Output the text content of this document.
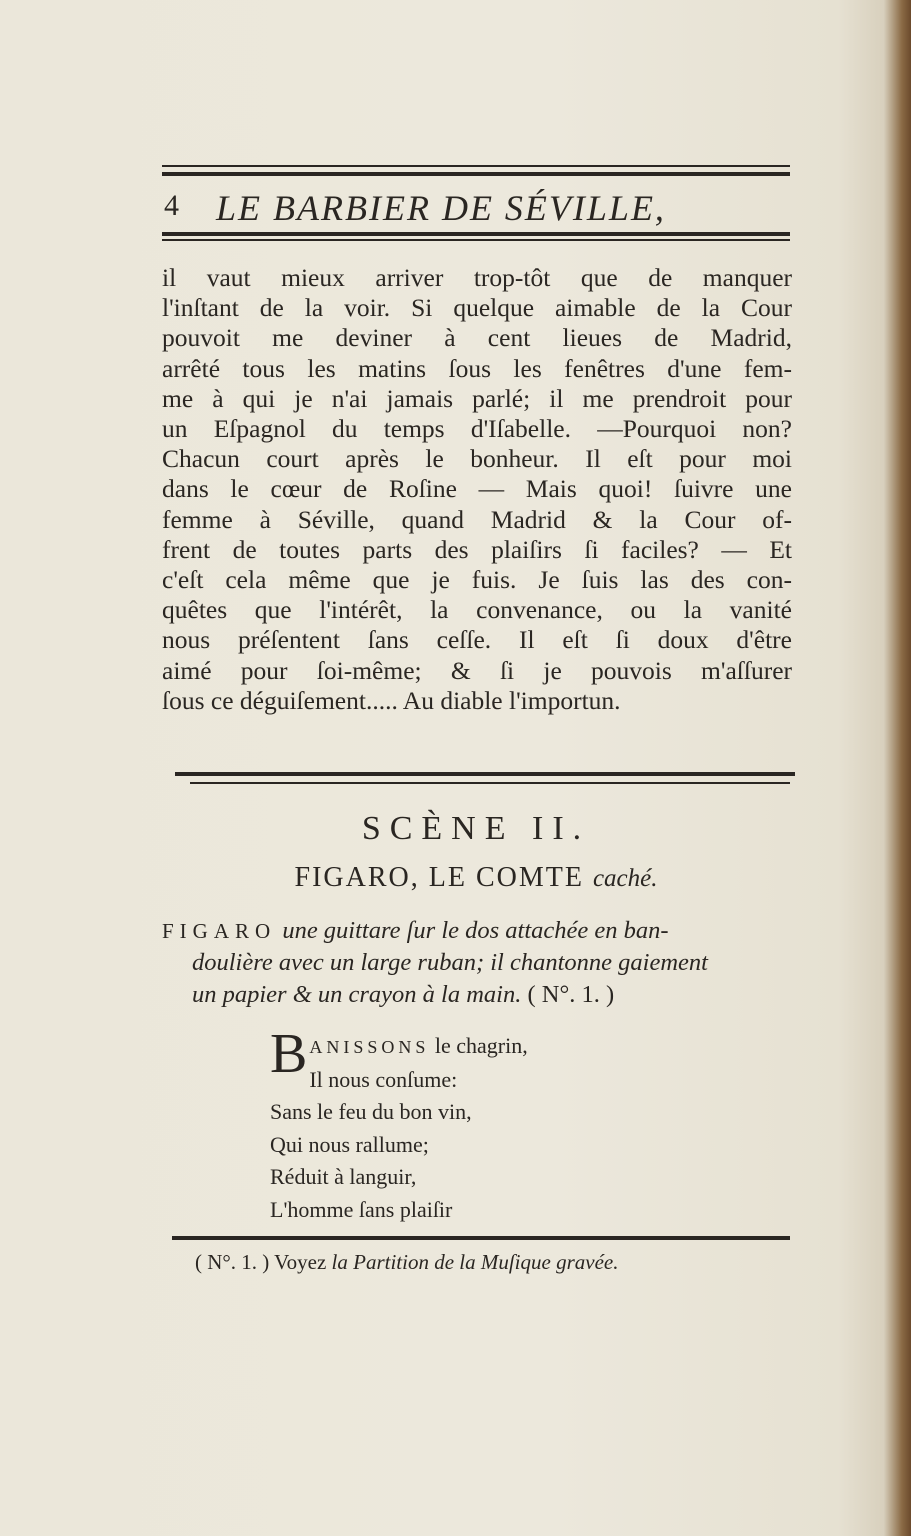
4 LE BARBIER DE SÉVILLE,
il vaut mieux arriver trop-tôt que de manquer
l'inſtant de la voir. Si quelque aimable de la Cour
pouvoit me deviner à cent lieues de Madrid,
arrêté tous les matins ſous les fenêtres d'une fem-
me à qui je n'ai jamais parlé; il me prendroit pour
un Eſpagnol du temps d'Iſabelle. —Pourquoi non?
Chacun court après le bonheur. Il eſt pour moi
dans le cœur de Roſine — Mais quoi! ſuivre une
femme à Séville, quand Madrid & la Cour of-
frent de toutes parts des plaiſirs ſi faciles? — Et
c'eſt cela même que je fuis. Je ſuis las des con-
quêtes que l'intérêt, la convenance, ou la vanité
nous préſentent ſans ceſſe. Il eſt ſi doux d'être
aimé pour ſoi-même; & ſi je pouvois m'aſſurer
ſous ce déguiſement..... Au diable l'importun.
SCÈNE II.
FIGARO, LE COMTE caché.
FIGARO une guittare ſur le dos attachée en ban-
doulière avec un large ruban; il chantonne gaiement
un papier & un crayon à la main. ( N°. 1. )
B ANISSONS le chagrin,
Il nous conſume:
Sans le feu du bon vin,
Qui nous rallume;
Réduit à languir,
L'homme ſans plaiſir
( N°. 1. ) Voyez la Partition de la Muſique gravée.
